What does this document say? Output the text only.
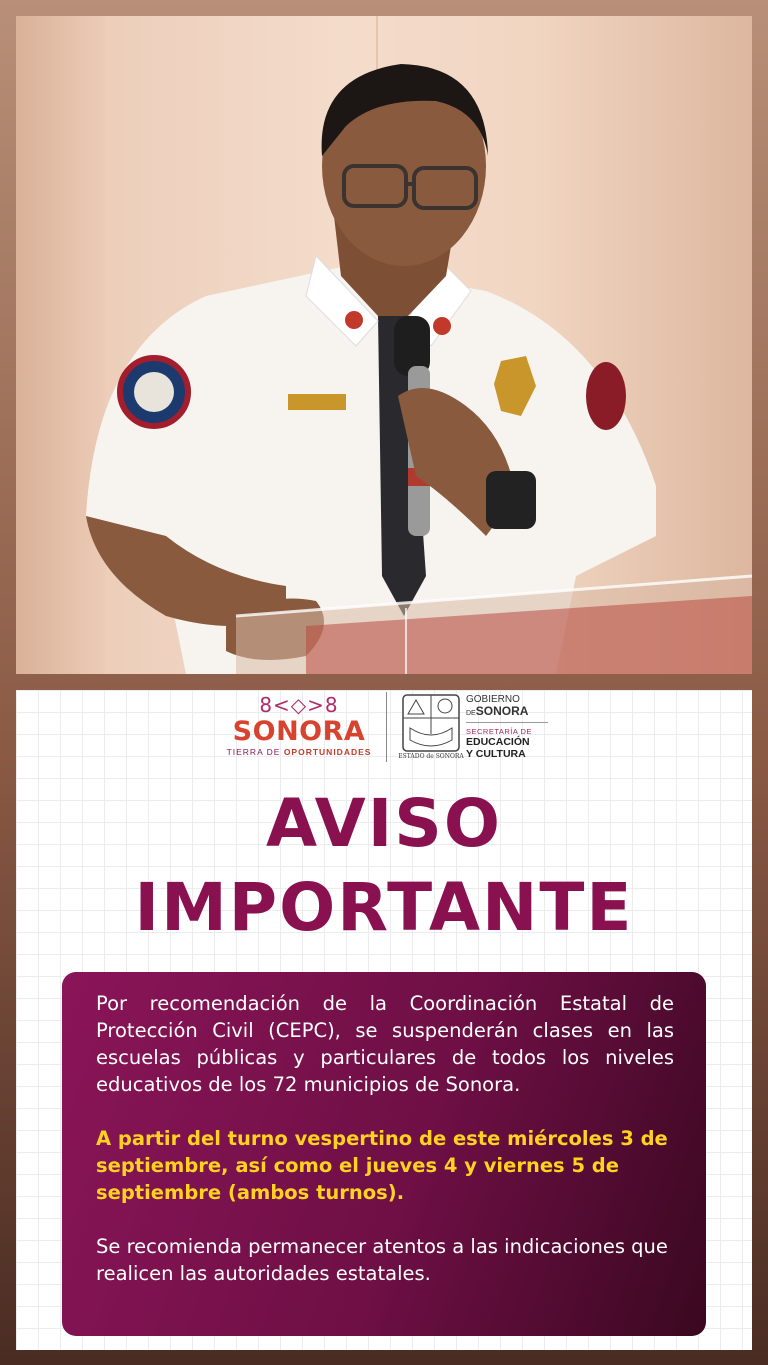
8<◇>8
SONORA
TIERRA DE OPORTUNIDADES	ESTADO de SONORA
GOBIERNO
DESONORA
SECRETARÍA DE
EDUCACIÓN
Y CULTURA
AVISO
IMPORTANTE

Por recomendación de la Coordinación Estatal de Protección Civil (CEPC), se suspenderán clases en las escuelas públicas y particulares de todos los niveles educativos de los 72 municipios de Sonora.

A partir del turno vespertino de este miércoles 3 de septiembre, así como el jueves 4 y viernes 5 de septiembre (ambos turnos).

Se recomienda permanecer atentos a las indicaciones que realicen las autoridades estatales.
